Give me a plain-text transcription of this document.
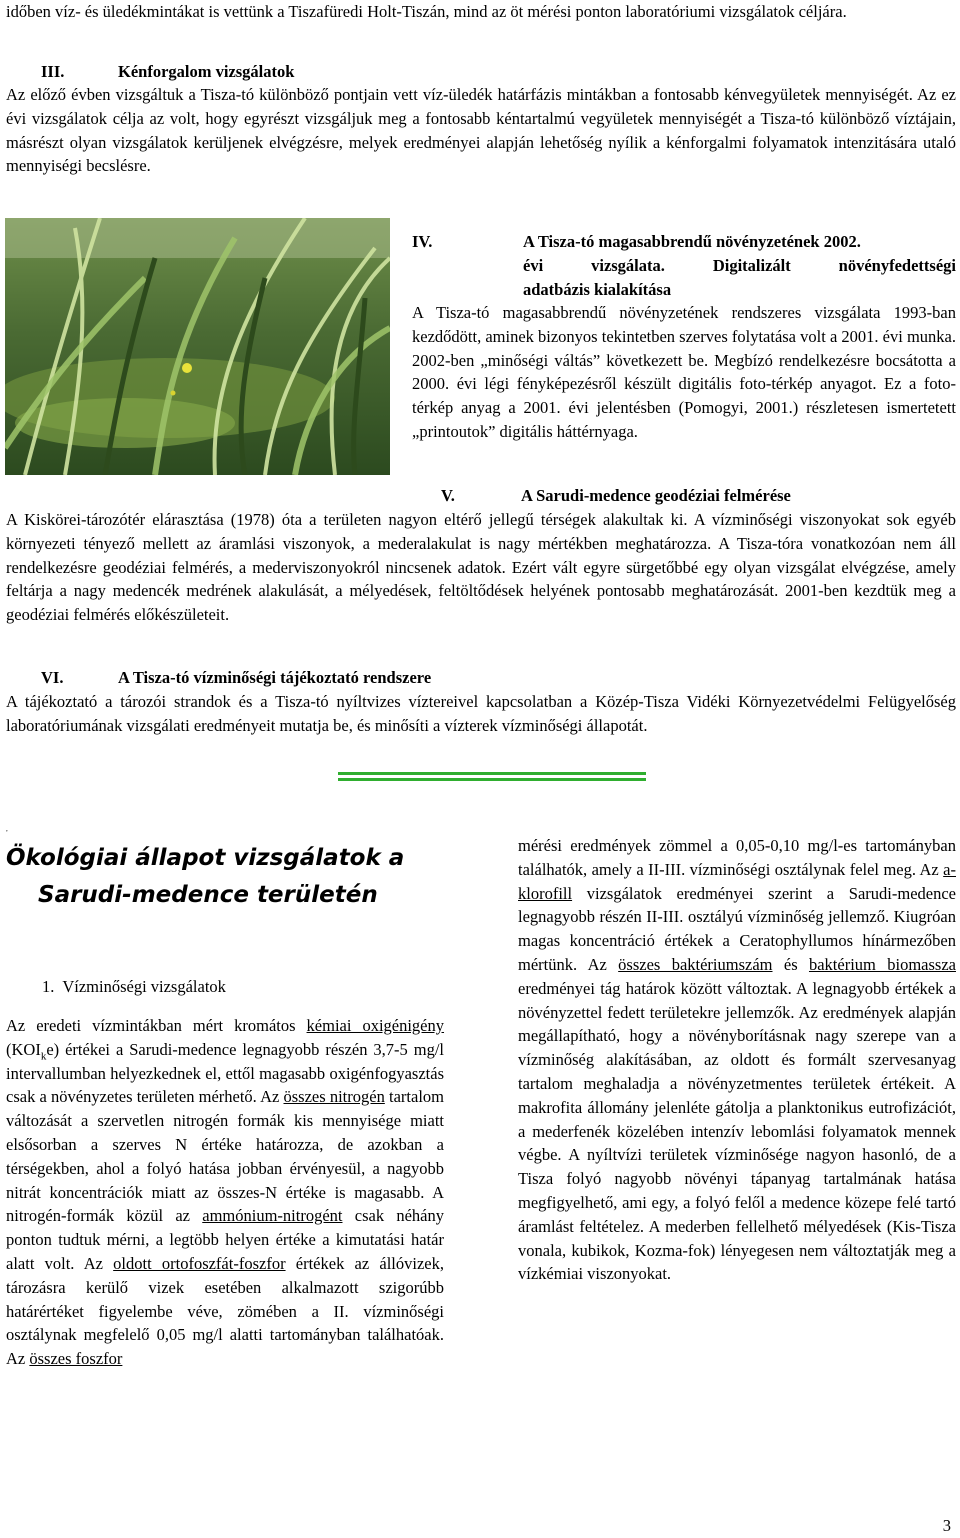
időben víz- és üledékmintákat is vettünk a Tiszafüredi Holt-Tiszán, mind az öt mérési ponton laboratóriumi vizsgálatok céljára.

III.	Kénforgalom vizsgálatok

Az előző évben vizsgáltuk a Tisza-tó különböző pontjain vett víz-üledék határfázis mintákban a fontosabb kénvegyületek mennyiségét. Az ez évi vizsgálatok célja az volt, hogy egyrészt vizsgáljuk meg a fontosabb kéntartalmú vegyületek mennyiségét a Tisza-tó különböző víztájain, másrészt olyan vizsgálatok kerüljenek elvégzésre, melyek eredményei alapján lehetőség nyílik a kénforgalmi folyamatok intenzitására utaló mennyiségi becslésre.

IV.	A Tisza-tó magasabbrendű növényzetének 2002.
évi vizsgálata. Digitalizált növényfedettségi
adatbázis kialakítása

A Tisza-tó magasabbrendű növényzetének rendszeres vizsgálata 1993-ban kezdődött, aminek bizonyos tekintetben szerves folytatása volt a 2001. évi munka. 2002-ben „minőségi váltás” következett be. Megbízó rendelkezésre bocsátotta a 2000. évi légi fényképezésről készült digitális foto-térkép anyagot. Ez a foto-térkép anyag a 2001. évi jelentésben (Pomogyi, 2001.) részletesen ismertetett „printoutok” digitális háttérnyaga.

V.	A Sarudi-medence geodéziai felmérése

A Kiskörei-tározótér elárasztása (1978) óta a területen nagyon eltérő jellegű térségek alakultak ki. A vízminőségi viszonyokat sok egyéb környezeti tényező mellett az áramlási viszonyok, a mederalakulat is nagy mértékben meghatározza. A Tisza-tóra vonatkozóan nem áll rendelkezésre geodéziai felmérés, a mederviszonyokról nincsenek adatok. Ezért vált egyre sürgetőbbé egy olyan vizsgálat elvégzése, amely feltárja a nagy medencék medrének alakulását, a mélyedések, feltöltődések helyének pontosabb meghatározását. 2001-ben kezdtük meg a geodéziai felmérés előkészületeit.

VI.	A Tisza-tó vízminőségi tájékoztató rendszere

A tájékoztató a tározói strandok és a Tisza-tó nyíltvizes víztereivel kapcsolatban a Közép-Tisza Vidéki Környezetvédelmi Felügyelőség laboratóriumának vizsgálati eredményeit mutatja be, és minősíti a vízterek vízminőségi állapotát.

,
Ökológiai állapot vizsgálatok a
Sarudi-medence területén
1.  Vízminőségi vizsgálatok

Az eredeti vízmintákban mért kromátos kémiai oxigénigény $(KOI_ke)$ értékei a Sarudi-medence legnagyobb részén 3,7-5 mg/l intervallumban helyezkednek el, ettől magasabb oxigénfogyasztás csak a növényzetes területen mérhető. Az összes nitrogén tartalom változását a szervetlen nitrogén formák kis mennyisége miatt elsősorban a szerves N értéke határozza, de azokban a térségekben, ahol a folyó hatása jobban érvényesül, a nagyobb nitrát koncentrációk miatt az összes-N értéke is magasabb. A nitrogén-formák közül az ammónium-nitrogént csak néhány ponton tudtuk mérni, a legtöbb helyen értéke a kimutatási határ alatt volt. Az oldott ortofoszfát-foszfor értékek az állóvizek, tározásra kerülő vizek esetében alkalmazott szigorúbb határértéket figyelembe véve, zömében a II. vízminőségi osztálynak megfelelő 0,05 mg/l alatti tartományban találhatóak. Az összes foszfor

mérési eredmények zömmel a 0,05-0,10 mg/l-es tartományban találhatók, amely a II-III. vízminőségi osztálynak felel meg. Az a-klorofill vizsgálatok eredményei szerint a Sarudi-medence legnagyobb részén II-III. osztályú vízminőség jellemző. Kiugróan magas koncentráció értékek a Ceratophyllumos hínármezőben mértünk. Az összes baktériumszám és baktérium biomassza eredményei tág határok között változtak. A legnagyobb értékek a növényzettel fedett területekre jellemzők. Az eredmények alapján megállapítható, hogy a növényborításnak nagy szerepe van a vízminőség alakításában, az oldott és formált szervesanyag tartalom meghaladja a növényzetmentes területek értékeit. A makrofita állomány jelenléte gátolja a planktonikus eutrofizációt, a mederfenék közelében intenzív lebomlási folyamatok mennek végbe. A nyíltvízi területek vízminősége nagyon hasonló, de a Tisza folyó nagyobb növényi tápanyag tartalmának hatása megfigyelhető, ami egy, a folyó felől a medence közepe felé tartó áramlást feltételez. A mederben fellelhető mélyedések (Kis-Tisza vonala, kubikok, Kozma-fok) lényegesen nem változtatják meg a vízkémiai viszonyokat.

3
